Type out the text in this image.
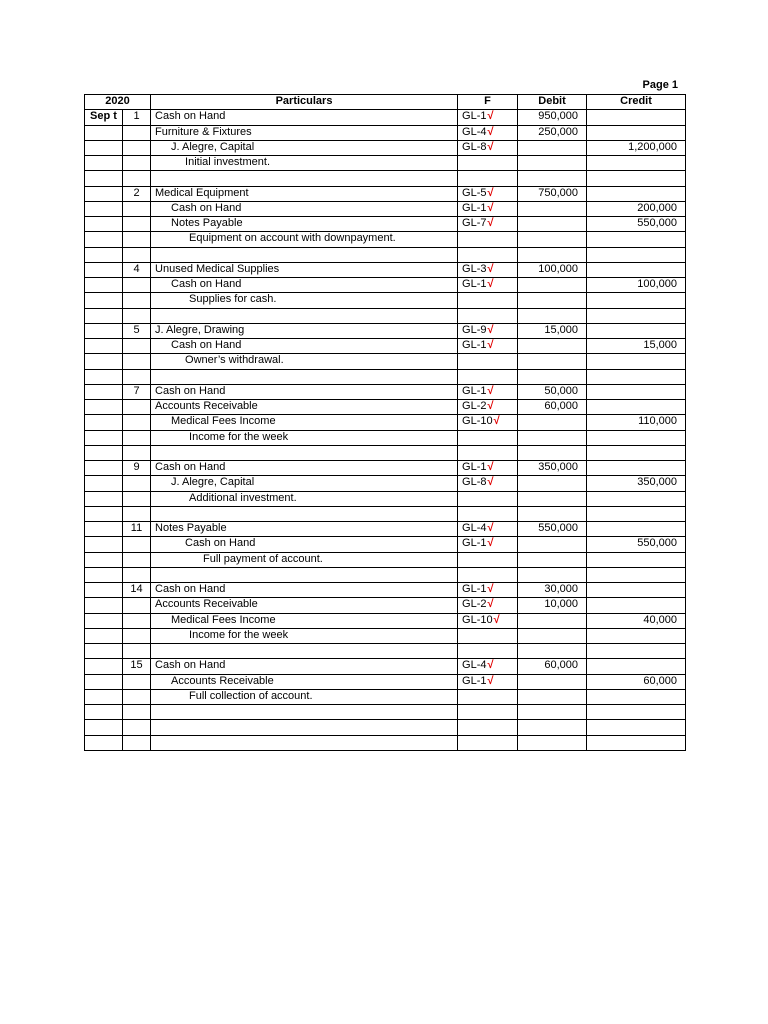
Page 1
2020		Particulars	F	Debit	Credit
Sep t	1	Cash on Hand	GL-1√	950,000	
		Furniture & Fixtures	GL-4√	250,000	
		J. Alegre, Capital	GL-8√		1,200,000
		Initial investment.			

	2	Medical Equipment	GL-5√	750,000	
		Cash on Hand	GL-1√		200,000
		Notes Payable	GL-7√		550,000
		Equipment on account with downpayment.			

	4	Unused Medical Supplies	GL-3√	100,000	
		Cash on Hand	GL-1√		100,000
		Supplies for cash.			

	5	J. Alegre, Drawing	GL-9√	15,000	
		Cash on Hand	GL-1√		15,000
		Owner’s withdrawal.			

	7	Cash on Hand	GL-1√	50,000	
		Accounts Receivable	GL-2√	60,000	
		Medical Fees Income	GL-10√		110,000
		Income for the week			

	9	Cash on Hand	GL-1√	350,000	
		J. Alegre, Capital	GL-8√		350,000
		Additional investment.			

	11	Notes Payable	GL-4√	550,000	
		Cash on Hand	GL-1√		550,000
		Full payment of account.			

	14	Cash on Hand	GL-1√	30,000	
		Accounts Receivable	GL-2√	10,000	
		Medical Fees Income	GL-10√		40,000
		Income for the week			

	15	Cash on Hand	GL-4√	60,000	
		Accounts Receivable	GL-1√		60,000
		Full collection of account.			
